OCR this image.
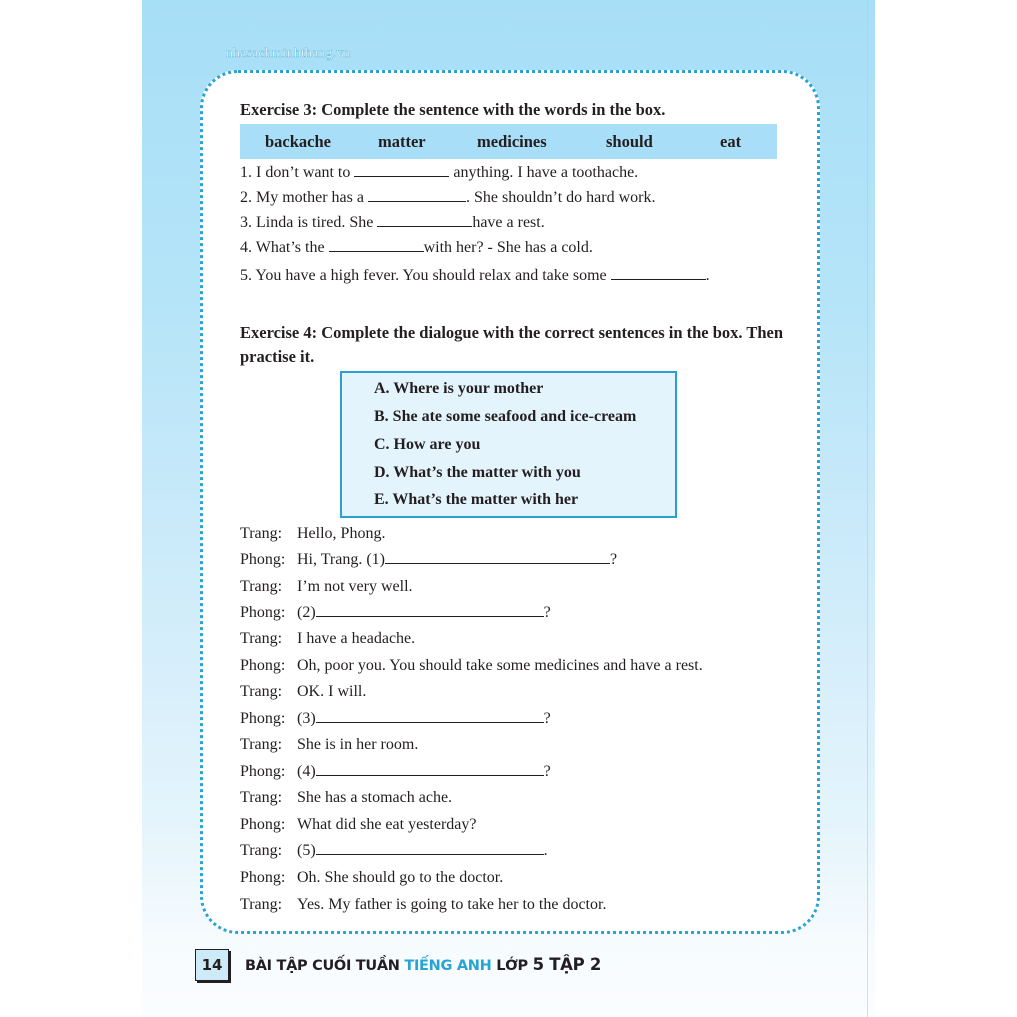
nhasachminhthang.vn
Exercise 3: Complete the sentence with the words in the box.
backache	matter	medicines	should	eat
1. I don’t want to	anything. I have a toothache.
2. My mother has a	. She shouldn’t do hard work.
3. Linda is tired. She	have a rest.
4. What’s the	with her? - She has a cold.
5. You have a high fever. You should relax and take some	.
Exercise 4: Complete the dialogue with the correct sentences in the box. Then
practise it.
A. Where is your mother
B. She ate some seafood and ice-cream
C. How are you
D. What’s the matter with you
E. What’s the matter with her
Trang: Hello, Phong.
Phong: Hi, Trang. (1)	?
Trang: I’m not very well.
Phong: (2)	?
Trang: I have a headache.
Phong: Oh, poor you. You should take some medicines and have a rest.
Trang: OK. I will.
Phong: (3)	?
Trang: She is in her room.
Phong: (4)	?
Trang: She has a stomach ache.
Phong: What did she eat yesterday?
Trang: (5)	.
Phong: Oh. She should go to the doctor.
Trang: Yes. My father is going to take her to the doctor.
14	BÀI TẬP CUỐI TUẦN TIẾNG ANH LỚP 5 TẬP 2
